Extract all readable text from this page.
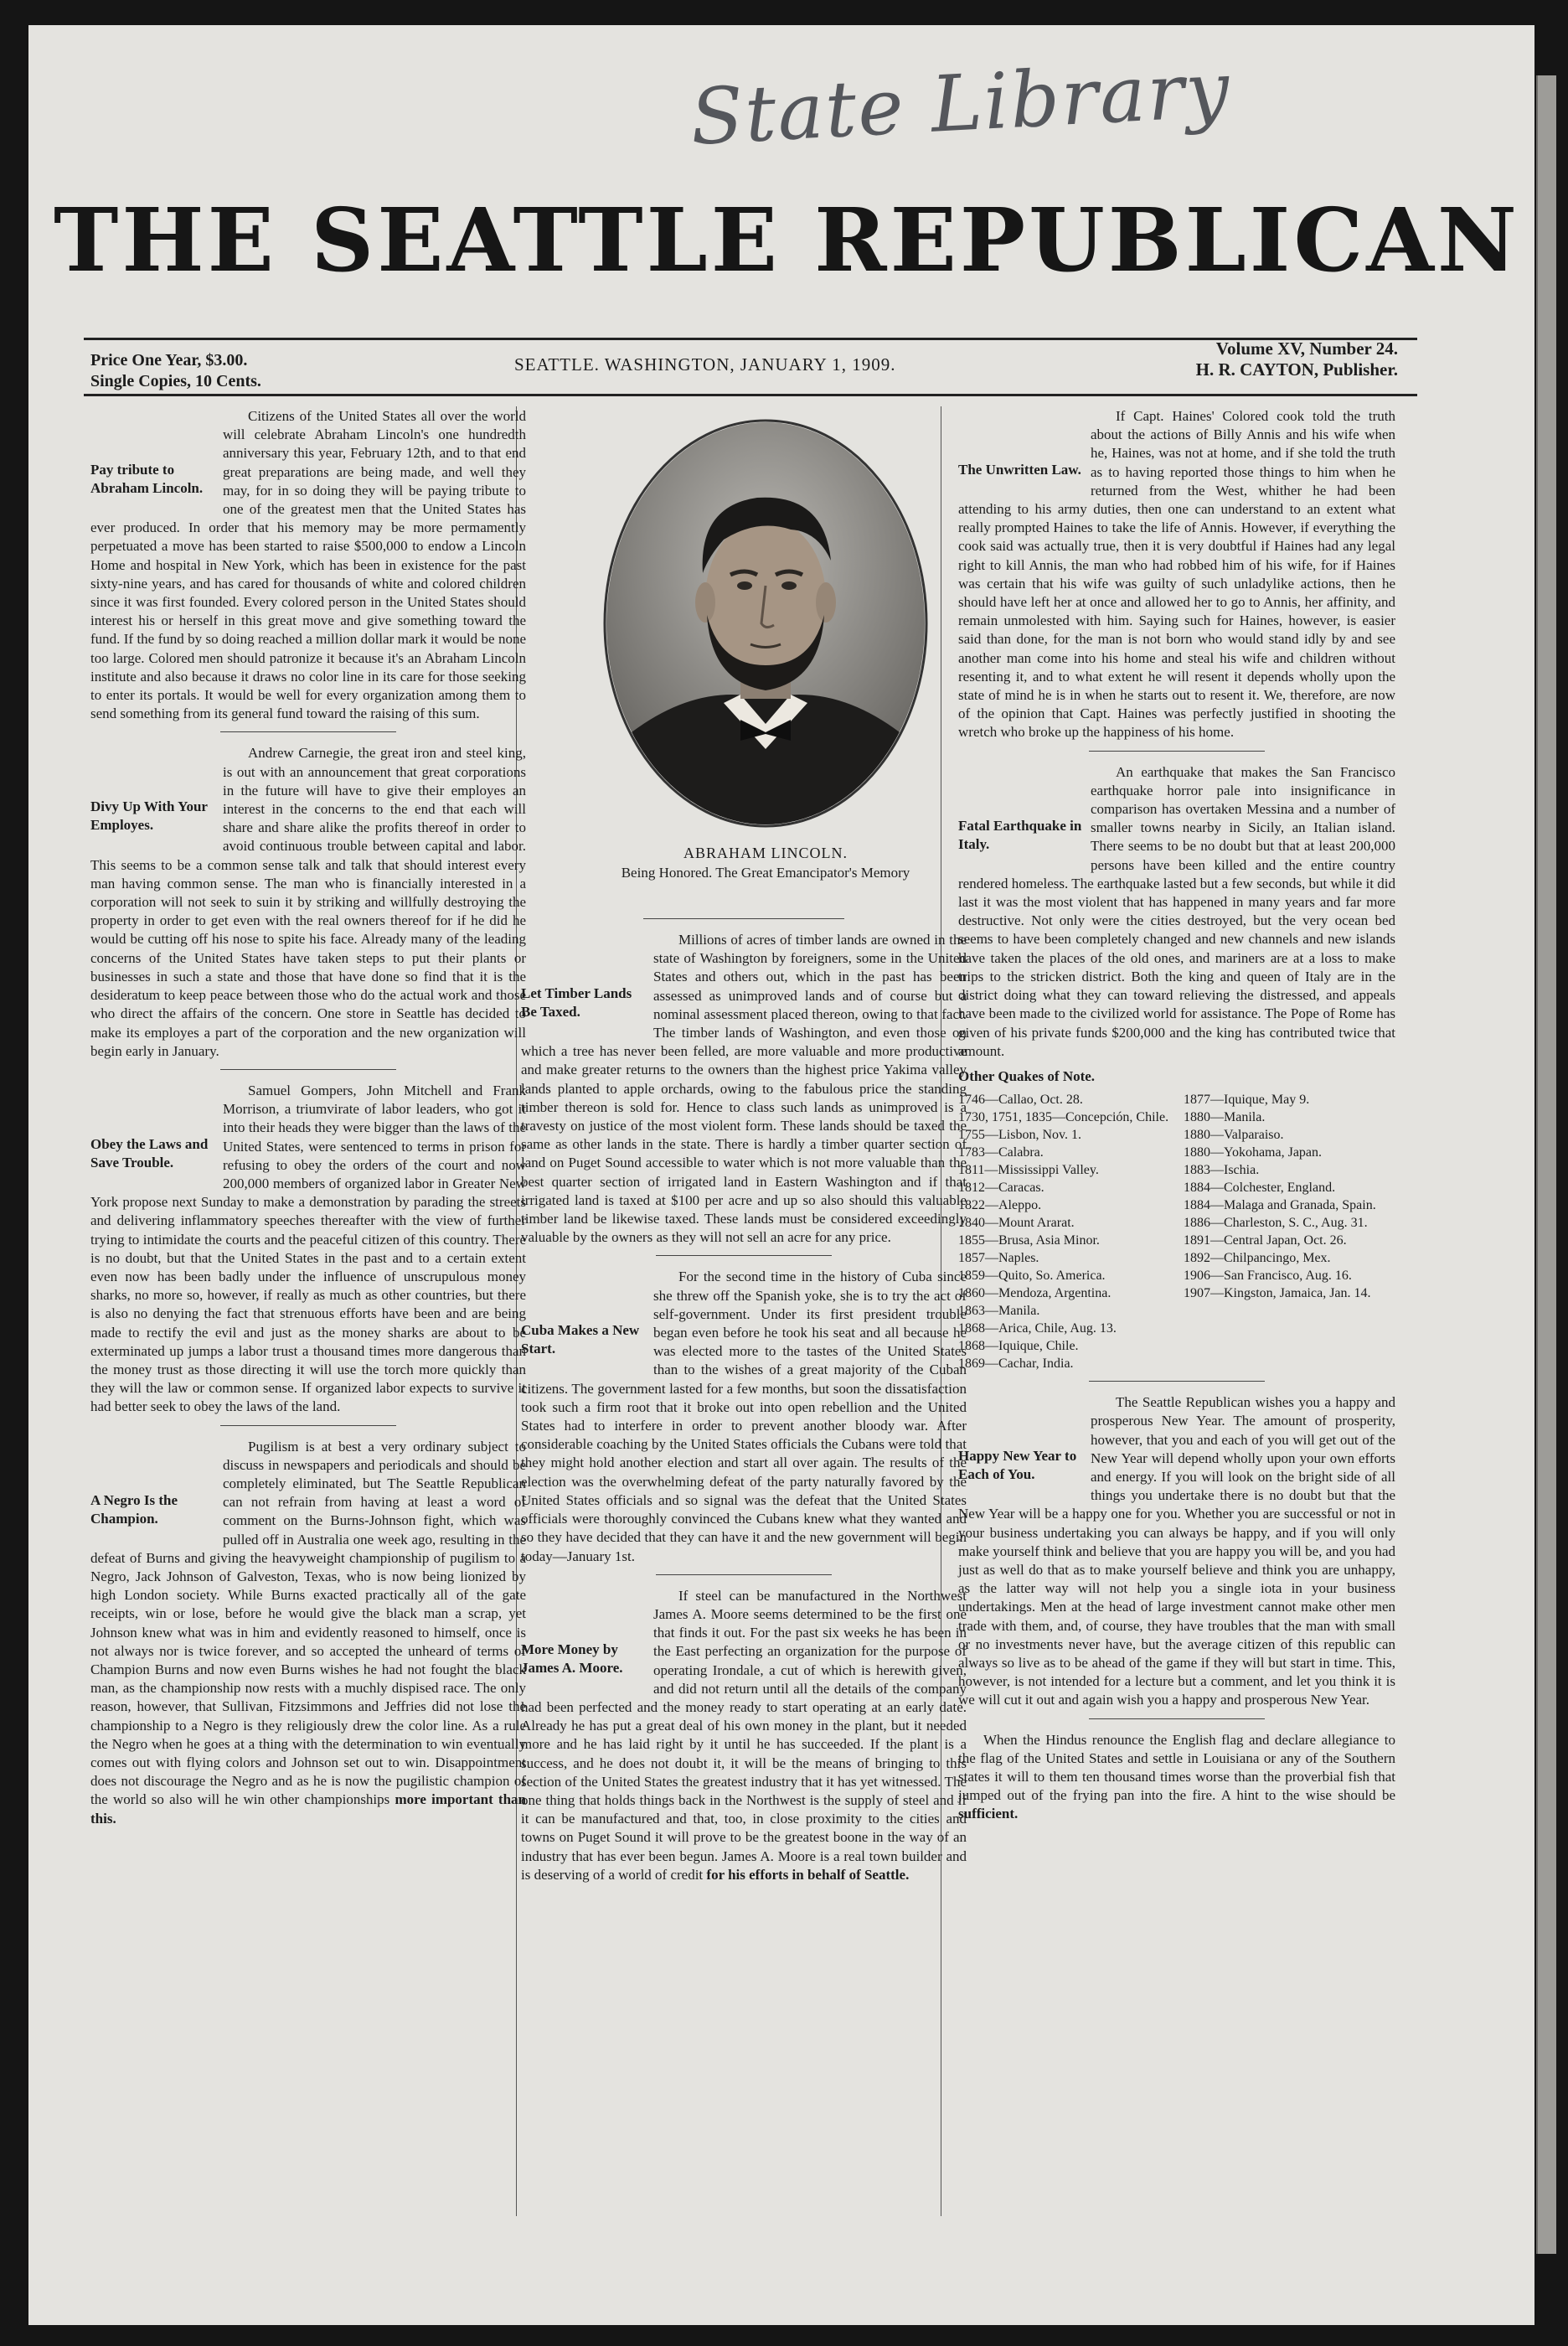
State Library
THE SEATTLE REPUBLICAN
Price One Year, $3.00.
Single Copies, 10 Cents.
SEATTLE. WASHINGTON, JANUARY 1, 1909.
Volume XV, Number 24.
H. R. CAYTON, Publisher.
Pay tribute to Abraham Lincoln.
Citizens of the United States all over the world will celebrate Abraham Lincoln's one hundredth anniversary this year, February 12th, and to that end great preparations are being made, and well they may, for in so doing they will be paying tribute to one of the greatest men that the United States has ever produced. In order that his memory may be more permamently perpetuated a move has been started to raise $500,000 to endow a Lincoln Home and hospital in New York, which has been in existence for the past sixty-nine years, and has cared for thousands of white and colored children since it was first founded. Every colored person in the United States should interest his or herself in this great move and give something toward the fund. If the fund by so doing reached a million dollar mark it would be none too large. Colored men should patronize it because it's an Abraham Lincoln institute and also because it draws no color line in its care for those seeking to enter its portals. It would be well for every organization among them to send something from its general fund toward the raising of this sum.
Divy Up With Your Employes.
Andrew Carnegie, the great iron and steel king, is out with an announcement that great corporations in the future will have to give their employes an interest in the concerns to the end that each will share and share alike the profits thereof in order to avoid continuous trouble between capital and labor. This seems to be a common sense talk and talk that should interest every man having common sense. The man who is financially interested in a corporation will not seek to suin it by striking and willfully destroying the property in order to get even with the real owners thereof for if he did he would be cutting off his nose to spite his face. Already many of the leading concerns of the United States have taken steps to put their plants or businesses in such a state and those that have done so find that it is the desideratum to keep peace between those who do the actual work and those who direct the affairs of the concern. One store in Seattle has decided to make its employes a part of the corporation and the new organization will begin early in January.
Obey the Laws and Save Trouble.
Samuel Gompers, John Mitchell and Frank Morrison, a triumvirate of labor leaders, who got it into their heads they were bigger than the laws of the United States, were sentenced to terms in prison for refusing to obey the orders of the court and now 200,000 members of organized labor in Greater New York propose next Sunday to make a demonstration by parading the streets and delivering inflammatory speeches thereafter with the view of further trying to intimidate the courts and the peaceful citizen of this country. There is no doubt, but that the United States in the past and to a certain extent even now has been badly under the influence of unscrupulous money sharks, no more so, however, if really as much as other countries, but there is also no denying the fact that strenuous efforts have been and are being made to rectify the evil and just as the money sharks are about to be exterminated up jumps a labor trust a thousand times more dangerous than the money trust as those directing it will use the torch more quickly than they will the law or common sense. If organized labor expects to survive it had better seek to obey the laws of the land.
A Negro Is the Champion.
Pugilism is at best a very ordinary subject to discuss in newspapers and periodicals and should be completely eliminated, but The Seattle Republican can not refrain from having at least a word of comment on the Burns-Johnson fight, which was pulled off in Australia one week ago, resulting in the defeat of Burns and giving the heavyweight championship of pugilism to a Negro, Jack Johnson of Galveston, Texas, who is now being lionized by high London society. While Burns exacted practically all of the gate receipts, win or lose, before he would give the black man a scrap, yet Johnson knew what was in him and evidently reasoned to himself, once is not always nor is twice forever, and so accepted the unheard of terms of Champion Burns and now even Burns wishes he had not fought the black man, as the championship now rests with a muchly dispised race. The only reason, however, that Sullivan, Fitzsimmons and Jeffries did not lose the championship to a Negro is they religiously drew the color line. As a rule the Negro when he goes at a thing with the determination to win eventually comes out with flying colors and Johnson set out to win. Disappointment does not discourage the Negro and as he is now the pugilistic champion of the world so also will he win other championships more important than this.
ABRAHAM LINCOLN.
Being Honored. The Great Emancipator's Memory
Let Timber Lands Be Taxed.
Millions of acres of timber lands are owned in the state of Washington by foreigners, some in the United States and others out, which in the past has been assessed as unimproved lands and of course but a nominal assessment placed thereon, owing to that fact. The timber lands of Washington, and even those on which a tree has never been felled, are more valuable and more productive and make greater returns to the owners than the highest price Yakima valley lands planted to apple orchards, owing to the fabulous price the standing timber thereon is sold for. Hence to class such lands as unimproved is a travesty on justice of the most violent form. These lands should be taxed the same as other lands in the state. There is hardly a timber quarter section of land on Puget Sound accessible to water which is not more valuable than the best quarter section of irrigated land in Eastern Washington and if that irrigated land is taxed at $100 per acre and up so also should this valuable timber land be likewise taxed. These lands must be considered exceedingly valuable by the owners as they will not sell an acre for any price.
Cuba Makes a New Start.
For the second time in the history of Cuba since she threw off the Spanish yoke, she is to try the act of self-government. Under its first president trouble began even before he took his seat and all because he was elected more to the tastes of the United States than to the wishes of a great majority of the Cuban citizens. The government lasted for a few months, but soon the dissatisfaction took such a firm root that it broke out into open rebellion and the United States had to interfere in order to prevent another bloody war. After considerable coaching by the United States officials the Cubans were told that they might hold another election and start all over again. The results of the election was the overwhelming defeat of the party naturally favored by the United States officials and so signal was the defeat that the United States officials were thoroughly convinced the Cubans knew what they wanted and so they have decided that they can have it and the new government will begin today—January 1st.
More Money by James A. Moore.
If steel can be manufactured in the Northwest James A. Moore seems determined to be the first one that finds it out. For the past six weeks he has been in the East perfecting an organization for the purpose of operating Irondale, a cut of which is herewith given, and did not return until all the details of the company had been perfected and the money ready to start operating at an early date. Already he has put a great deal of his own money in the plant, but it needed more and he has laid right by it until he has succeeded. If the plant is a success, and he does not doubt it, it will be the means of bringing to this section of the United States the greatest industry that it has yet witnessed. The one thing that holds things back in the Northwest is the supply of steel and if it can be manufactured and that, too, in close proximity to the cities and towns on Puget Sound it will prove to be the greatest boone in the way of an industry that has ever been begun. James A. Moore is a real town builder and is deserving of a world of credit for his efforts in behalf of Seattle.
The Unwritten Law.
If Capt. Haines' Colored cook told the truth about the actions of Billy Annis and his wife when he, Haines, was not at home, and if she told the truth as to having reported those things to him when he returned from the West, whither he had been attending to his army duties, then one can understand to an extent what really prompted Haines to take the life of Annis. However, if everything the cook said was actually true, then it is very doubtful if Haines had any legal right to kill Annis, the man who had robbed him of his wife, for if Haines was certain that his wife was guilty of such unladylike actions, then he should have left her at once and allowed her to go to Annis, her affinity, and remain unmolested with him. Saying such for Haines, however, is easier said than done, for the man is not born who would stand idly by and see another man come into his home and steal his wife and children without resenting it, and to what extent he will resent it depends wholly upon the state of mind he is in when he starts out to resent it. We, therefore, are now of the opinion that Capt. Haines was perfectly justified in shooting the wretch who broke up the happiness of his home.
Fatal Earthquake in Italy.
An earthquake that makes the San Francisco earthquake horror pale into insignificance in comparison has overtaken Messina and a number of smaller towns nearby in Sicily, an Italian island. There seems to be no doubt but that at least 200,000 persons have been killed and the entire country rendered homeless. The earthquake lasted but a few seconds, but while it did last it was the most violent that has happened in many years and far more destructive. Not only were the cities destroyed, but the very ocean bed seems to have been completely changed and new channels and new islands have taken the places of the old ones, and mariners are at a loss to make trips to the stricken district. Both the king and queen of Italy are in the district doing what they can toward relieving the distressed, and appeals have been made to the civilized world for assistance. The Pope of Rome has given of his private funds $200,000 and the king has contributed twice that amount.
Other Quakes of Note.
1746—Callao, Oct. 28.
1730, 1751, 1835—Concepción, Chile.
1755—Lisbon, Nov. 1.
1783—Calabra.
1811—Mississippi Valley.
1812—Caracas.
1822—Aleppo.
1840—Mount Ararat.
1855—Brusa, Asia Minor.
1857—Naples.
1859—Quito, So. America.
1860—Mendoza, Argentina.
1863—Manila.
1868—Arica, Chile, Aug. 13.
1868—Iquique, Chile.
1869—Cachar, India.
1877—Iquique, May 9.
1880—Manila.
1880—Valparaiso.
1880—Yokohama, Japan.
1883—Ischia.
1884—Colchester, England.
1884—Malaga and Granada, Spain.
1886—Charleston, S. C., Aug. 31.
1891—Central Japan, Oct. 26.
1892—Chilpancingo, Mex.
1906—San Francisco, Aug. 16.
1907—Kingston, Jamaica, Jan. 14.
Happy New Year to Each of You.
The Seattle Republican wishes you a happy and prosperous New Year. The amount of prosperity, however, that you and each of you will get out of the New Year will depend wholly upon your own efforts and energy. If you will look on the bright side of all things you undertake there is no doubt but that the New Year will be a happy one for you. Whether you are successful or not in your business undertaking you can always be happy, and if you will only make yourself think and believe that you are happy you will be, and you had just as well do that as to make yourself believe and think you are unhappy, as the latter way will not help you a single iota in your business undertakings. Men at the head of large investment cannot make other men trade with them, and, of course, they have troubles that the man with small or no investments never have, but the average citizen of this republic can always so live as to be ahead of the game if they will but start in time. This, however, is not intended for a lecture but a comment, and let you think it is we will cut it out and again wish you a happy and prosperous New Year.
When the Hindus renounce the English flag and declare allegiance to the flag of the United States and settle in Louisiana or any of the Southern states it will to them ten thousand times worse than the proverbial fish that jumped out of the frying pan into the fire. A hint to the wise should be sufficient.
